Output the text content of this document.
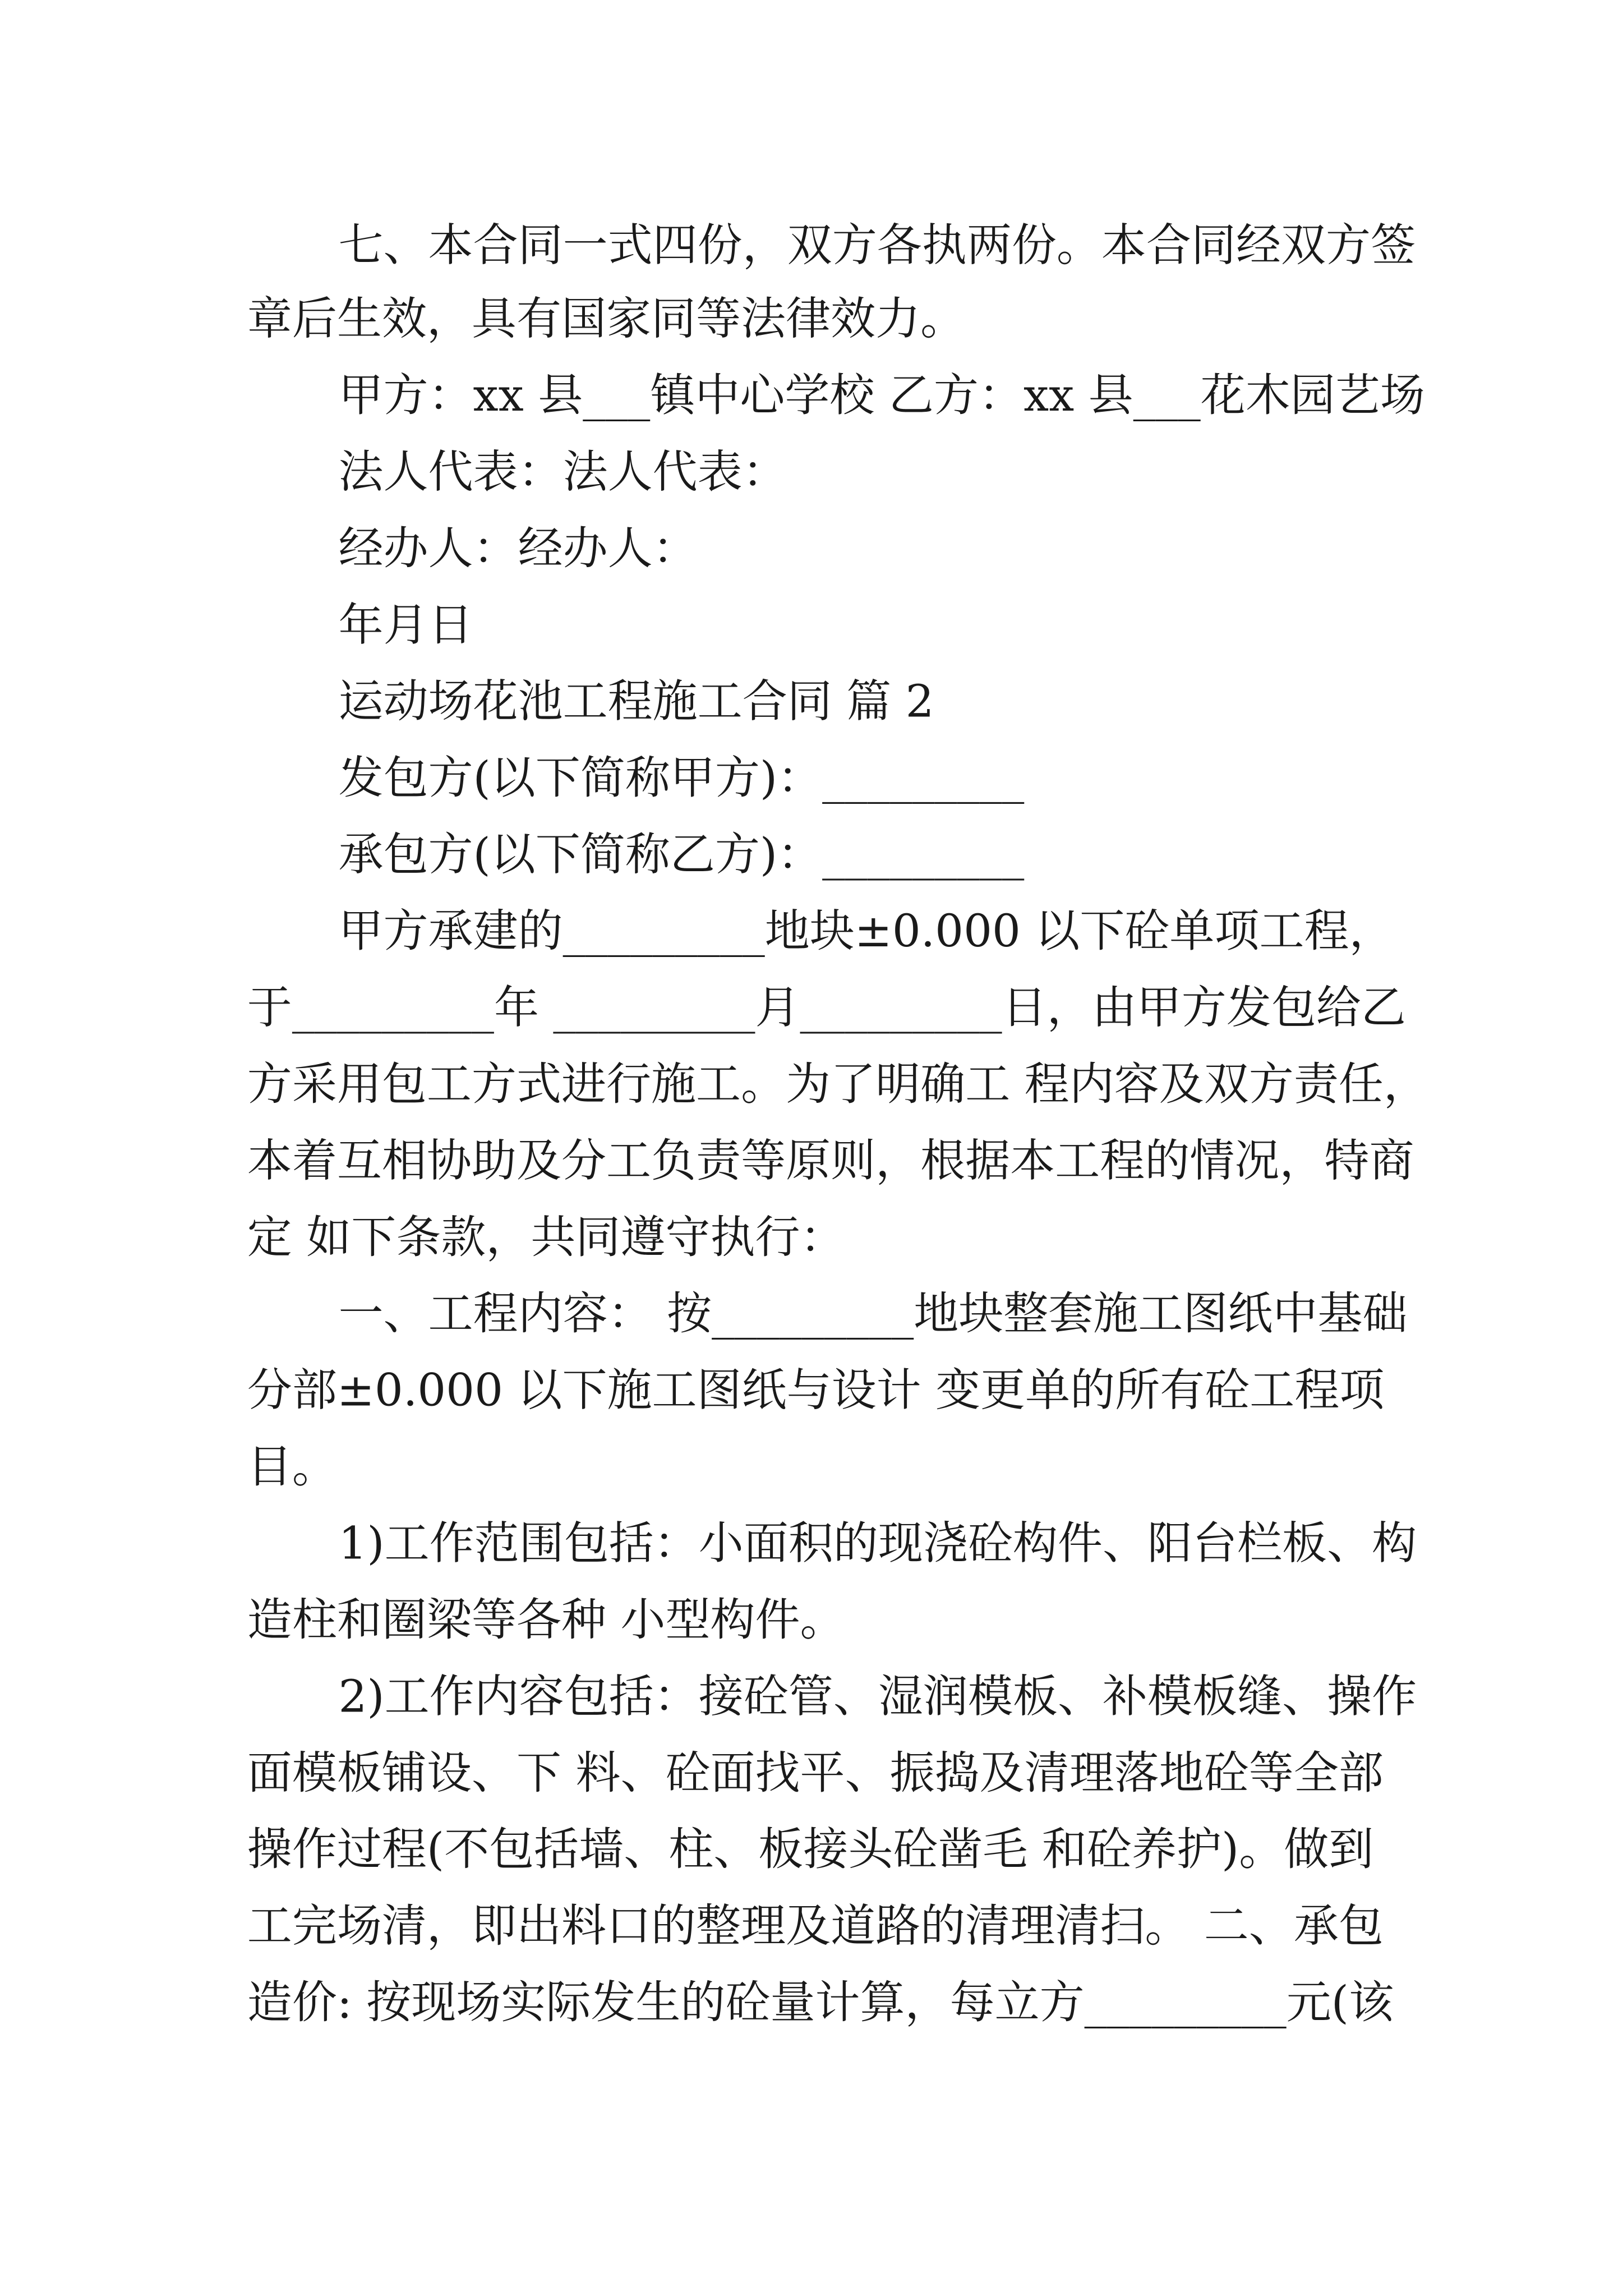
七、本合同一式四份，双方各执两份。本合同经双方签

章后生效，具有国家同等法律效力。

甲方：xx 县___镇中心学校 乙方：xx 县___花木园艺场

法人代表：法人代表：

经办人：经办人：

年月日

运动场花池工程施工合同 篇 2

发包方(以下简称甲方)：_________

承包方(以下简称乙方)：_________

甲方承建的_________地块±0.000 以下砼单项工程，

于_________年 _________月_________日，由甲方发包给乙

方采用包工方式进行施工。为了明确工 程内容及双方责任，

本着互相协助及分工负责等原则，根据本工程的情况，特商

定 如下条款，共同遵守执行：

一、工程内容： 按_________地块整套施工图纸中基础

分部±0.000 以下施工图纸与设计 变更单的所有砼工程项

目。

1)工作范围包括：小面积的现浇砼构件、阳台栏板、构

造柱和圈梁等各种 小型构件。

2)工作内容包括：接砼管、湿润模板、补模板缝、操作

面模板铺设、下 料、砼面找平、振捣及清理落地砼等全部

操作过程(不包括墙、柱、板接头砼凿毛 和砼养护)。做到

工完场清，即出料口的整理及道路的清理清扫。 二、承包

造价: 按现场实际发生的砼量计算，每立方_________元(该
